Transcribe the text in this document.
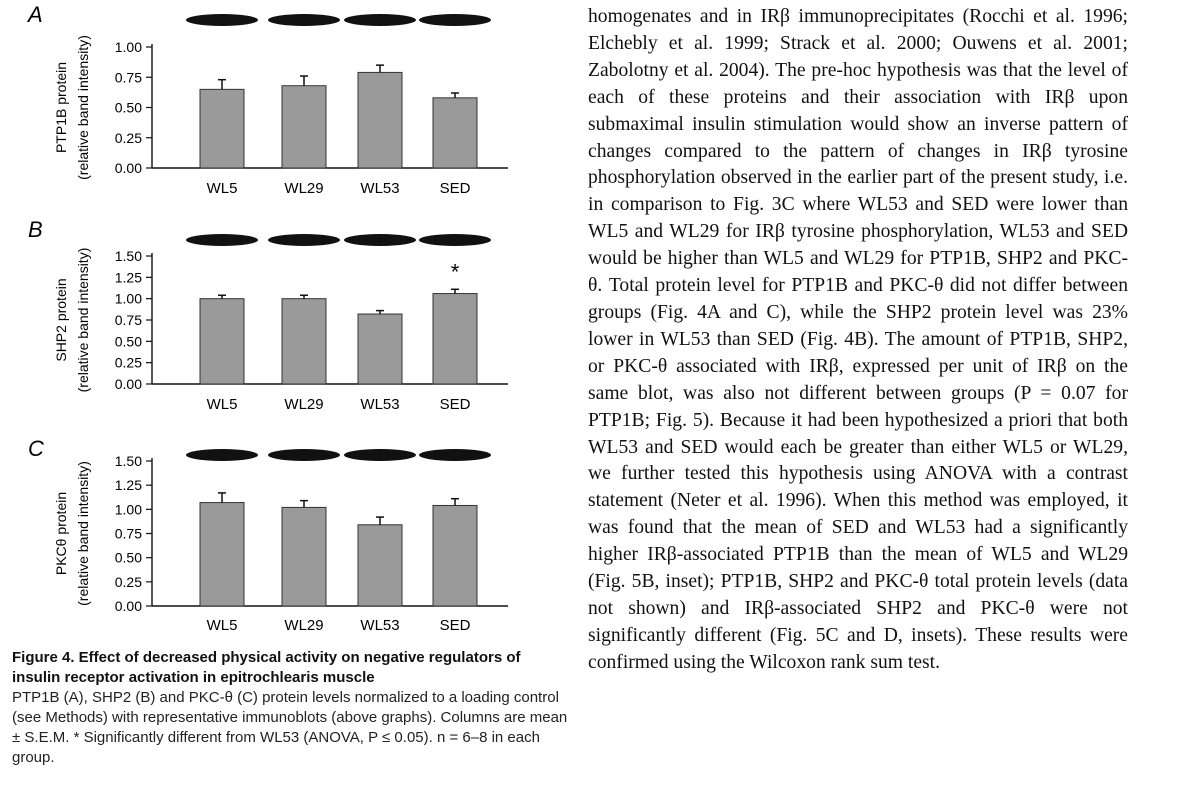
A
PTP1B protein (relative band intensity) 0.00
0.25
0.50
0.75
1.00
WL5	WL29 WL53	SED
B
SHP2 protein (relative band intensity) 0.00
0.25
0.50
0.75
1.00
1.25
1.50
WL5	WL29 WL53	SED
*
C
PKCθ protein (relative band intensity)
0.00
0.25
0.50
0.75
1.00
1.25
1.50
WL5	WL29 WL53	SED
Figure 4. Effect of decreased physical activity on negative regulators of insulin receptor activation in epitrochlearis muscle
PTP1B (A), SHP2 (B) and PKC-θ (C) protein levels normalized to a loading control (see Methods) with representative immunoblots (above graphs). Columns are mean ± S.E.M. * Significantly different from WL53 (ANOVA, P ≤ 0.05). n = 6–8 in each group.
homogenates and in IRβ immunoprecipitates (Rocchi et al. 1996; Elchebly et al. 1999; Strack et al. 2000; Ouwens et al. 2001; Zabolotny et al. 2004). The pre-hoc hypothesis was that the level of each of these proteins and their association with IRβ upon submaximal insulin stimulation would show an inverse pattern of changes compared to the pattern of changes in IRβ tyrosine phosphorylation observed in the earlier part of the present study, i.e. in comparison to Fig. 3C where WL53 and SED were lower than WL5 and WL29 for IRβ tyrosine phosphorylation, WL53 and SED would be higher than WL5 and WL29 for PTP1B, SHP2 and PKC-θ. Total protein level for PTP1B and PKC-θ did not differ between groups (Fig. 4A and C), while the SHP2 protein level was 23% lower in WL53 than SED (Fig. 4B). The amount of PTP1B, SHP2, or PKC-θ associated with IRβ, expressed per unit of IRβ on the same blot, was also not different between groups (P = 0.07 for PTP1B; Fig. 5). Because it had been hypothesized a priori that both WL53 and SED would each be greater than either WL5 or WL29, we further tested this hypothesis using ANOVA with a contrast statement (Neter et al. 1996). When this method was employed, it was found that the mean of SED and WL53 had a significantly higher IRβ-associated PTP1B than the mean of WL5 and WL29 (Fig. 5B, inset); PTP1B, SHP2 and PKC-θ total protein levels (data not shown) and IRβ-associated SHP2 and PKC-θ were not significantly different (Fig. 5C and D, insets). These results were confirmed using the Wilcoxon rank sum test.
